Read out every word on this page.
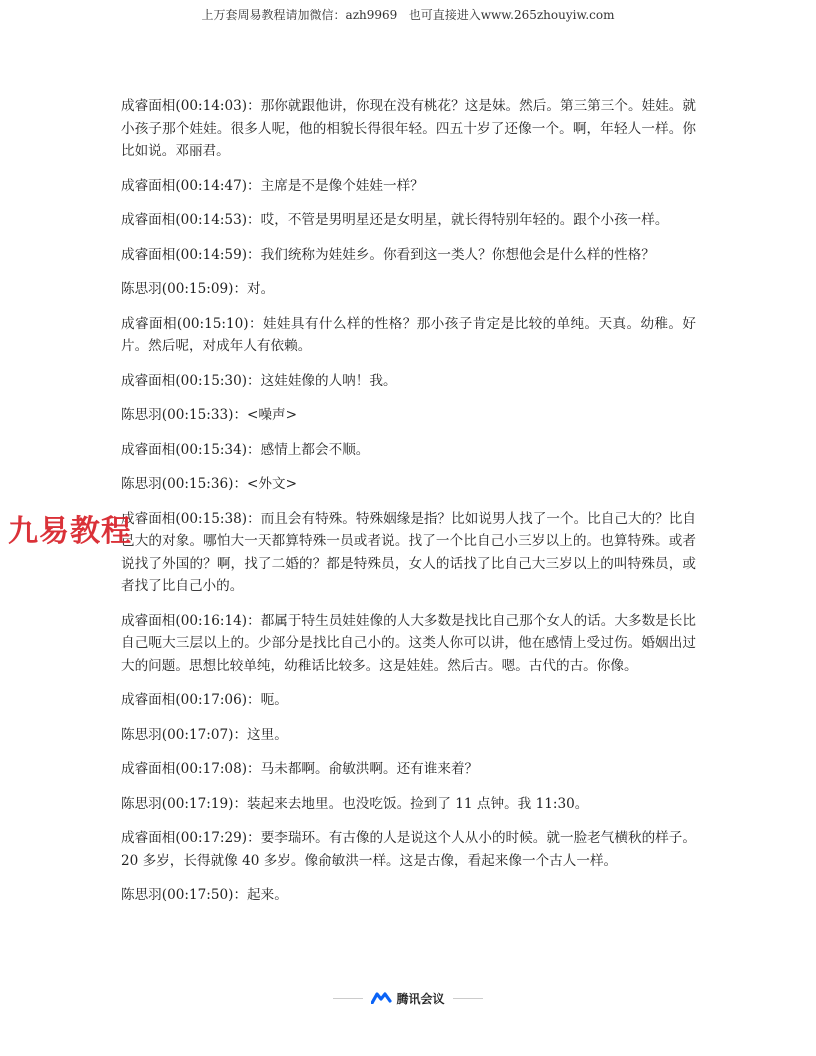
上万套周易教程请加微信：azh9969   也可直接进入www.265zhouyiw.com

成睿面相(00:14:03)：那你就跟他讲，你现在没有桃花？这是妹。然后。第三第三个。娃娃。就小孩子那个娃娃。很多人呢，他的相貌长得很年轻。四五十岁了还像一个。啊，年轻人一样。你比如说。邓丽君。

成睿面相(00:14:47)：主席是不是像个娃娃一样？

成睿面相(00:14:53)：哎，不管是男明星还是女明星，就长得特别年轻的。跟个小孩一样。

成睿面相(00:14:59)：我们统称为娃娃乡。你看到这一类人？你想他会是什么样的性格？

陈思羽(00:15:09)：对。

成睿面相(00:15:10)：娃娃具有什么样的性格？那小孩子肯定是比较的单纯。天真。幼稚。好片。然后呢，对成年人有依赖。

成睿面相(00:15:30)：这娃娃像的人呐！我。

陈思羽(00:15:33)：<噪声>

成睿面相(00:15:34)：感情上都会不顺。

陈思羽(00:15:36)：<外文>

成睿面相(00:15:38)：而且会有特殊。特殊姻缘是指？比如说男人找了一个。比自己大的？比自己大的对象。哪怕大一天都算特殊一员或者说。找了一个比自己小三岁以上的。也算特殊。或者说找了外国的？啊，找了二婚的？都是特殊员，女人的话找了比自己大三岁以上的叫特殊员，或者找了比自己小的。

成睿面相(00:16:14)：都属于特生员娃娃像的人大多数是找比自己那个女人的话。大多数是长比自己呃大三层以上的。少部分是找比自己小的。这类人你可以讲，他在感情上受过伤。婚姻出过大的问题。思想比较单纯，幼稚话比较多。这是娃娃。然后古。嗯。古代的古。你像。

成睿面相(00:17:06)：呃。

陈思羽(00:17:07)：这里。

成睿面相(00:17:08)：马未都啊。俞敏洪啊。还有谁来着？

陈思羽(00:17:19)：装起来去地里。也没吃饭。捡到了 11 点钟。我 11:30。

成睿面相(00:17:29)：要李瑞环。有古像的人是说这个人从小的时候。就一脸老气横秋的样子。20 多岁，长得就像 40 多岁。像俞敏洪一样。这是古像，看起来像一个古人一样。

陈思羽(00:17:50)：起来。

九易教程
腾讯会议
